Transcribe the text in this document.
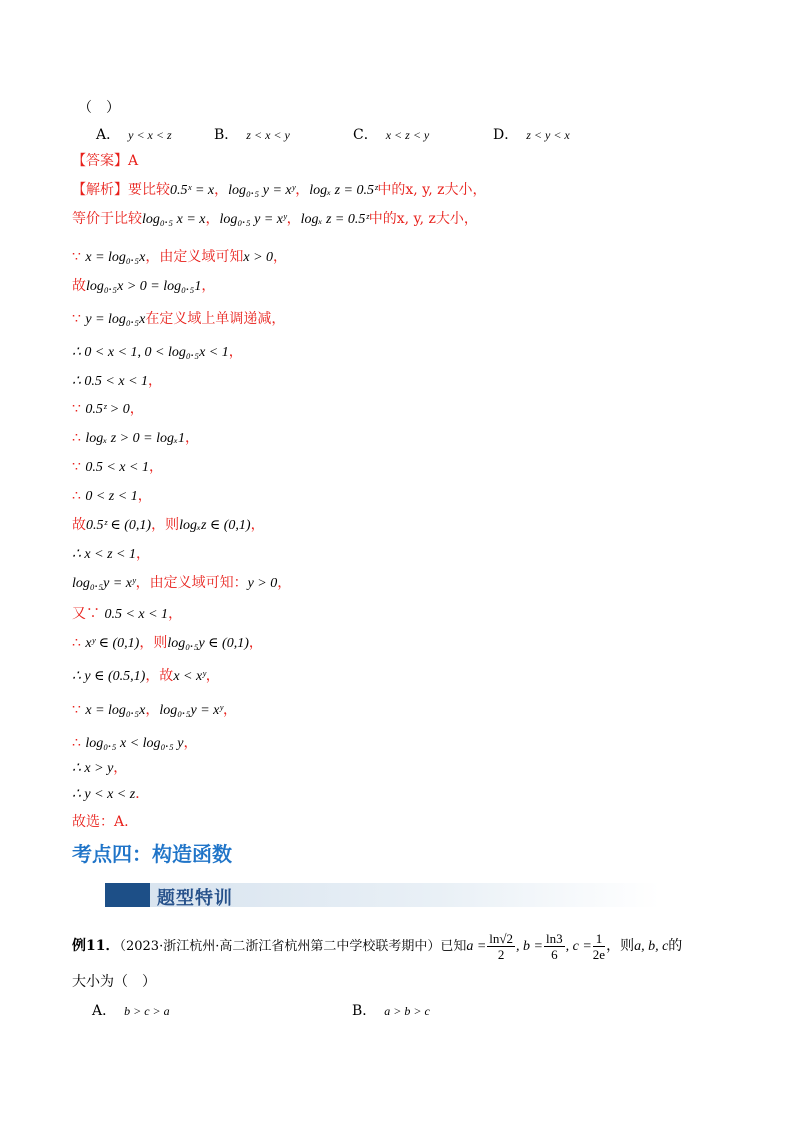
（　）
A． y < x < z	B． z < x < y	C． x < z < y	D． z < y < x
【答案】A
【解析】要比较0.5ˣ = x，log₀.₅ y = xʸ，logₓ z = 0.5ᶻ中的x, y, z大小，
等价于比较log₀.₅ x = x，log₀.₅ y = xʸ，logₓ z = 0.5ᶻ中的x, y, z大小，
∵ x = log₀.₅x，由定义域可知x > 0，
故log₀.₅x > 0 = log₀.₅1，
∵ y = log₀.₅x在定义域上单调递减，
∴ 0 < x < 1, 0 < log₀.₅x < 1，
∴ 0.5 < x < 1，
∵ 0.5ᶻ > 0，
∴ logₓ z > 0 = logₓ1，
∵ 0.5 < x < 1，
∴ 0 < z < 1，
故0.5ᶻ ∈ (0,1)，则logₓz ∈ (0,1)，
∴ x < z < 1，
log₀.₅y = xʸ，由定义域可知：y > 0，
又∵ 0.5 < x < 1，
∴ xʸ ∈ (0,1)，则log₀.₅y ∈ (0,1)，
∴ y ∈ (0.5,1)，故x < xʸ，
∵ x = log₀.₅x，log₀.₅y = xʸ，
∴ log₀.₅ x < log₀.₅ y，
∴ x > y，
∴ y < x < z．
故选：A.
考点四：构造函数
题型特训
例11．（2023·浙江杭州·高二浙江省杭州第二中学校联考期中）已知$a = \frac{\ln√2}{2}$ , $b = \frac{\ln 3}{6}$ , $c = \frac{1}{2e}$ ，则a, b, c的
大小为（　）
A． b > c > a	B． a > b > c
